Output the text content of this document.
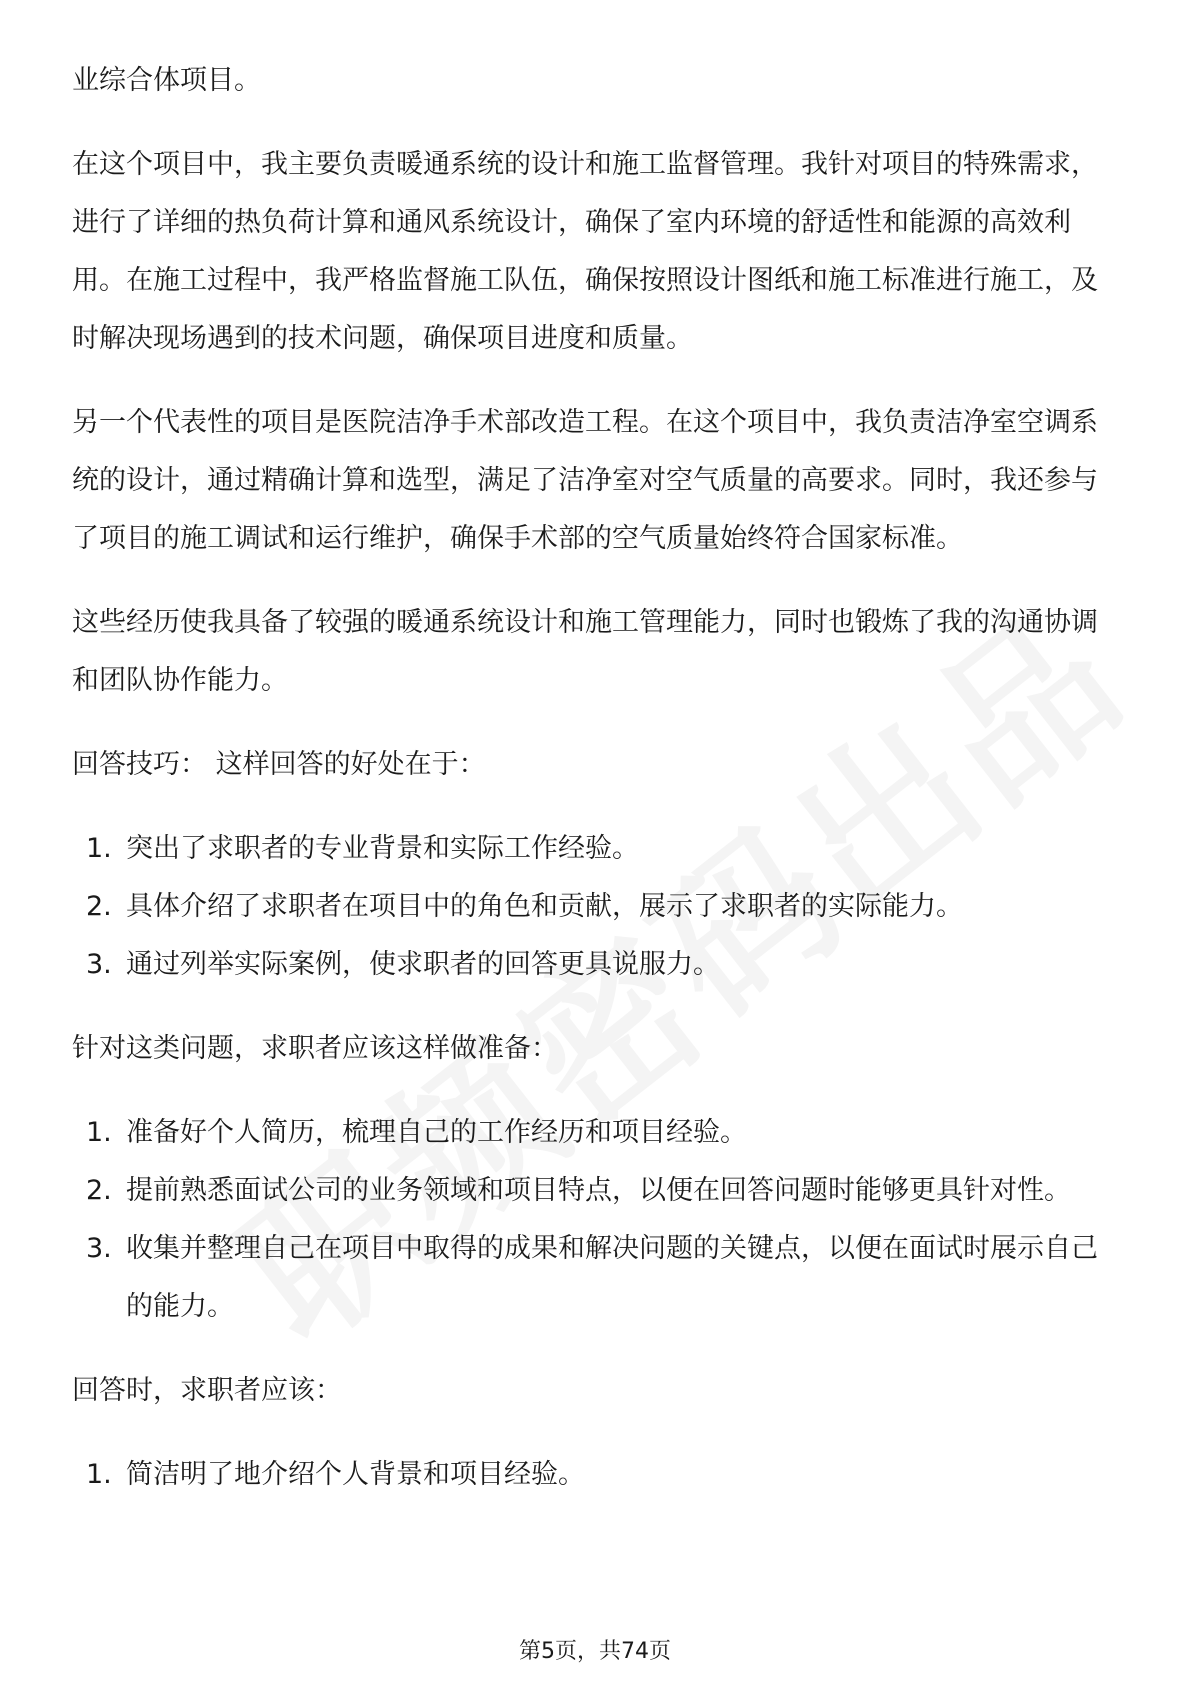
业综合体项目。

在这个项目中，我主要负责暖通系统的设计和施工监督管理。我针对项目的特殊需求，进行了详细的热负荷计算和通风系统设计，确保了室内环境的舒适性和能源的高效利用。在施工过程中，我严格监督施工队伍，确保按照设计图纸和施工标准进行施工，及时解决现场遇到的技术问题，确保项目进度和质量。

另一个代表性的项目是医院洁净手术部改造工程。在这个项目中，我负责洁净室空调系统的设计，通过精确计算和选型，满足了洁净室对空气质量的高要求。同时，我还参与了项目的施工调试和运行维护，确保手术部的空气质量始终符合国家标准。

这些经历使我具备了较强的暖通系统设计和施工管理能力，同时也锻炼了我的沟通协调和团队协作能力。

回答技巧： 这样回答的好处在于：

1. 突出了求职者的专业背景和实际工作经验。
2. 具体介绍了求职者在项目中的角色和贡献，展示了求职者的实际能力。
3. 通过列举实际案例，使求职者的回答更具说服力。

针对这类问题，求职者应该这样做准备：

1. 准备好个人简历，梳理自己的工作经历和项目经验。
2. 提前熟悉面试公司的业务领域和项目特点，以便在回答问题时能够更具针对性。
3. 收集并整理自己在项目中取得的成果和解决问题的关键点，以便在面试时展示自己的能力。

回答时，求职者应该：

1. 简洁明了地介绍个人背景和项目经验。
第5页，共74页
